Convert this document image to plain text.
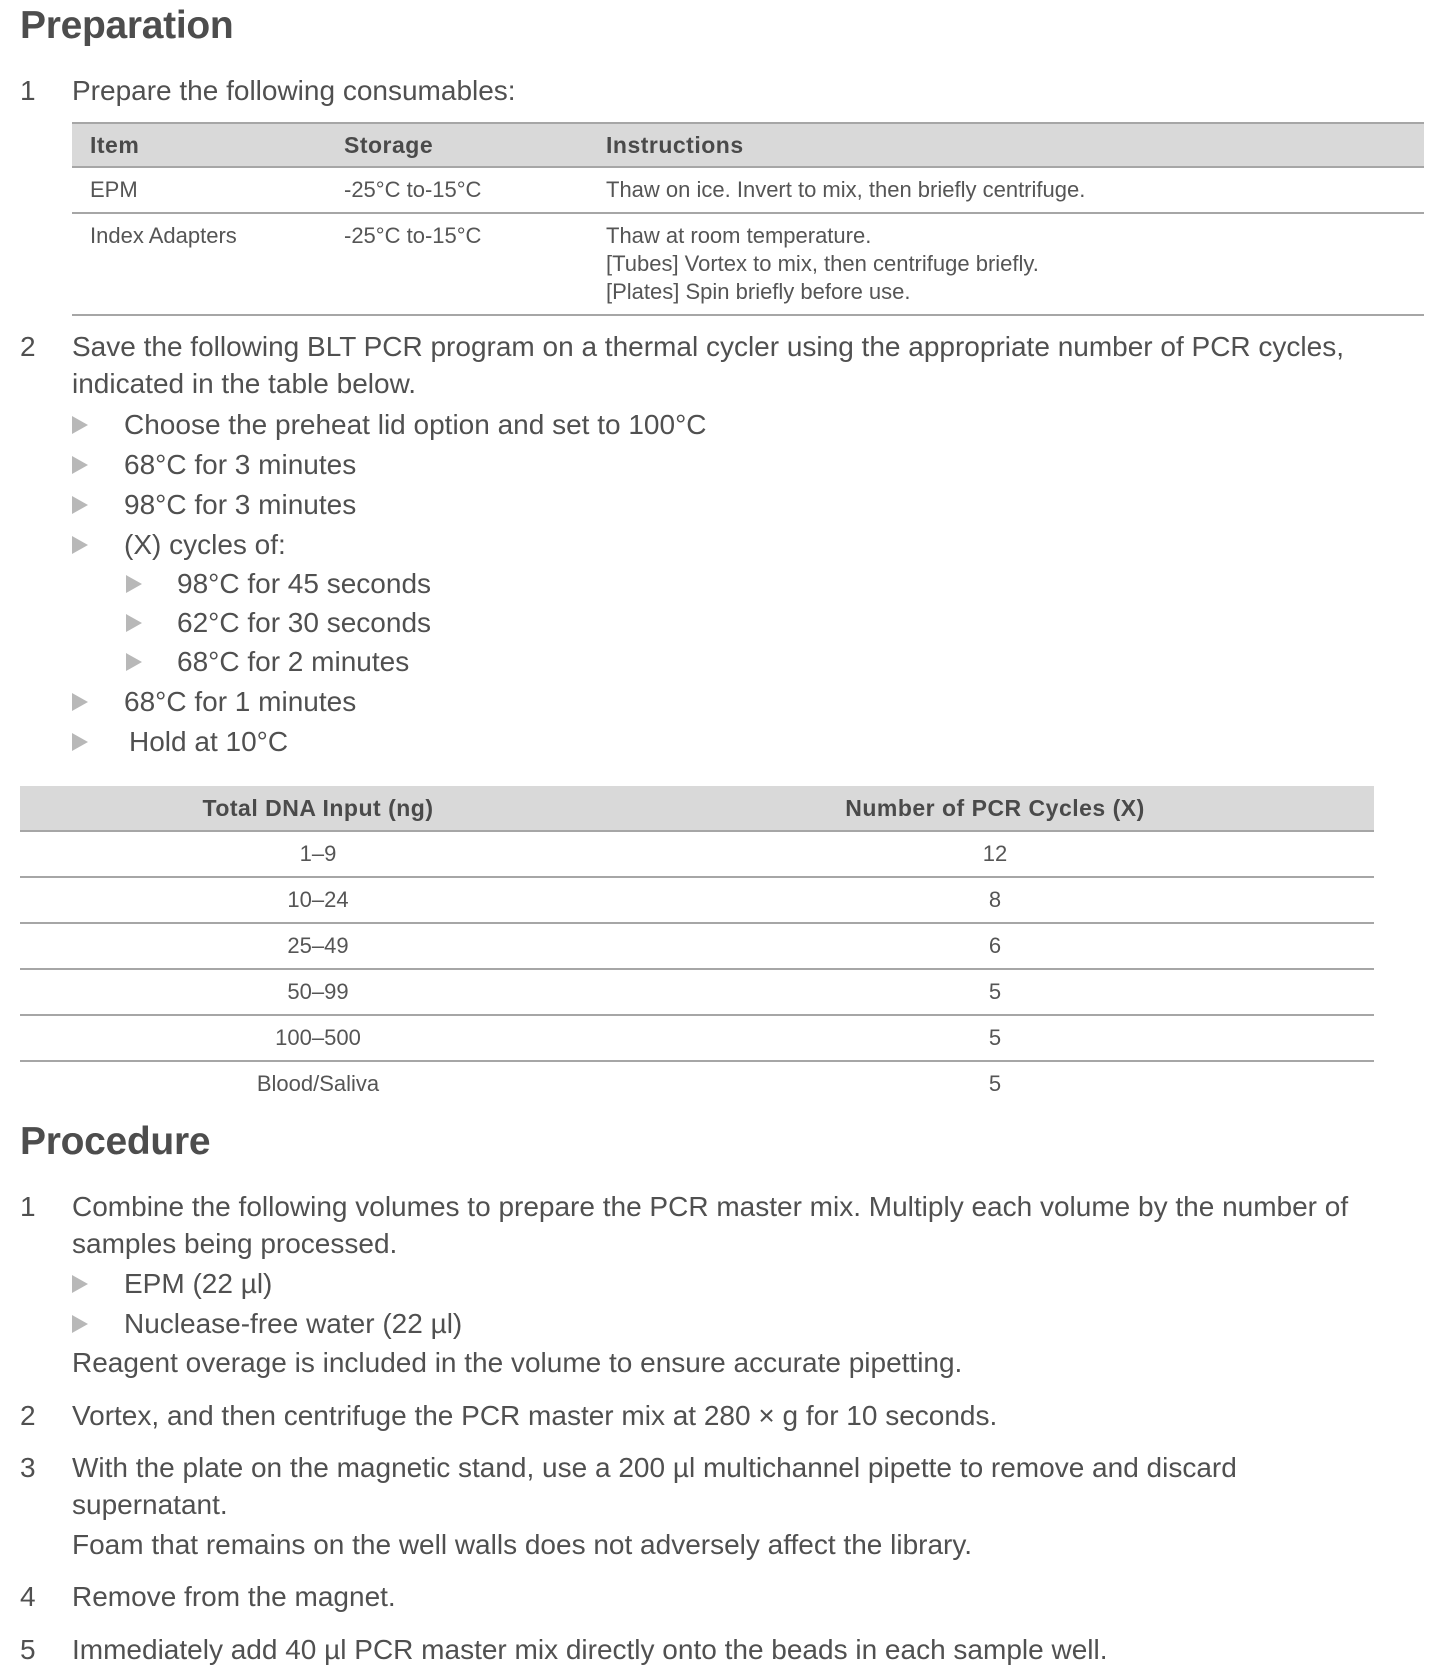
Preparation
1	Prepare the following consumables:
Item	Storage	Instructions
EPM	-25°C to-15°C	Thaw on ice. Invert to mix, then briefly centrifuge.
Index Adapters	-25°C to-15°C	Thaw at room temperature.
[Tubes] Vortex to mix, then centrifuge briefly.
[Plates] Spin briefly before use.
2	Save the following BLT PCR program on a thermal cycler using the appropriate number of PCR cycles,
indicated in the table below.
Choose the preheat lid option and set to 100°C
68°C for 3 minutes
98°C for 3 minutes
(X) cycles of:
98°C for 45 seconds
62°C for 30 seconds
68°C for 2 minutes
68°C for 1 minutes
Hold at 10°C
Total DNA Input (ng)	Number of PCR Cycles (X)
1–9	12
10–24	8
25–49	6
50–99	5
100–500	5
Blood/Saliva	5
Procedure
1	Combine the following volumes to prepare the PCR master mix. Multiply each volume by the number of
samples being processed.
EPM (22 µl)
Nuclease-free water (22 µl)
Reagent overage is included in the volume to ensure accurate pipetting.
2	Vortex, and then centrifuge the PCR master mix at 280 × g for 10 seconds.
3	With the plate on the magnetic stand, use a 200 µl multichannel pipette to remove and discard
supernatant.
Foam that remains on the well walls does not adversely affect the library.
4	Remove from the magnet.
5	Immediately add 40 µl PCR master mix directly onto the beads in each sample well.
